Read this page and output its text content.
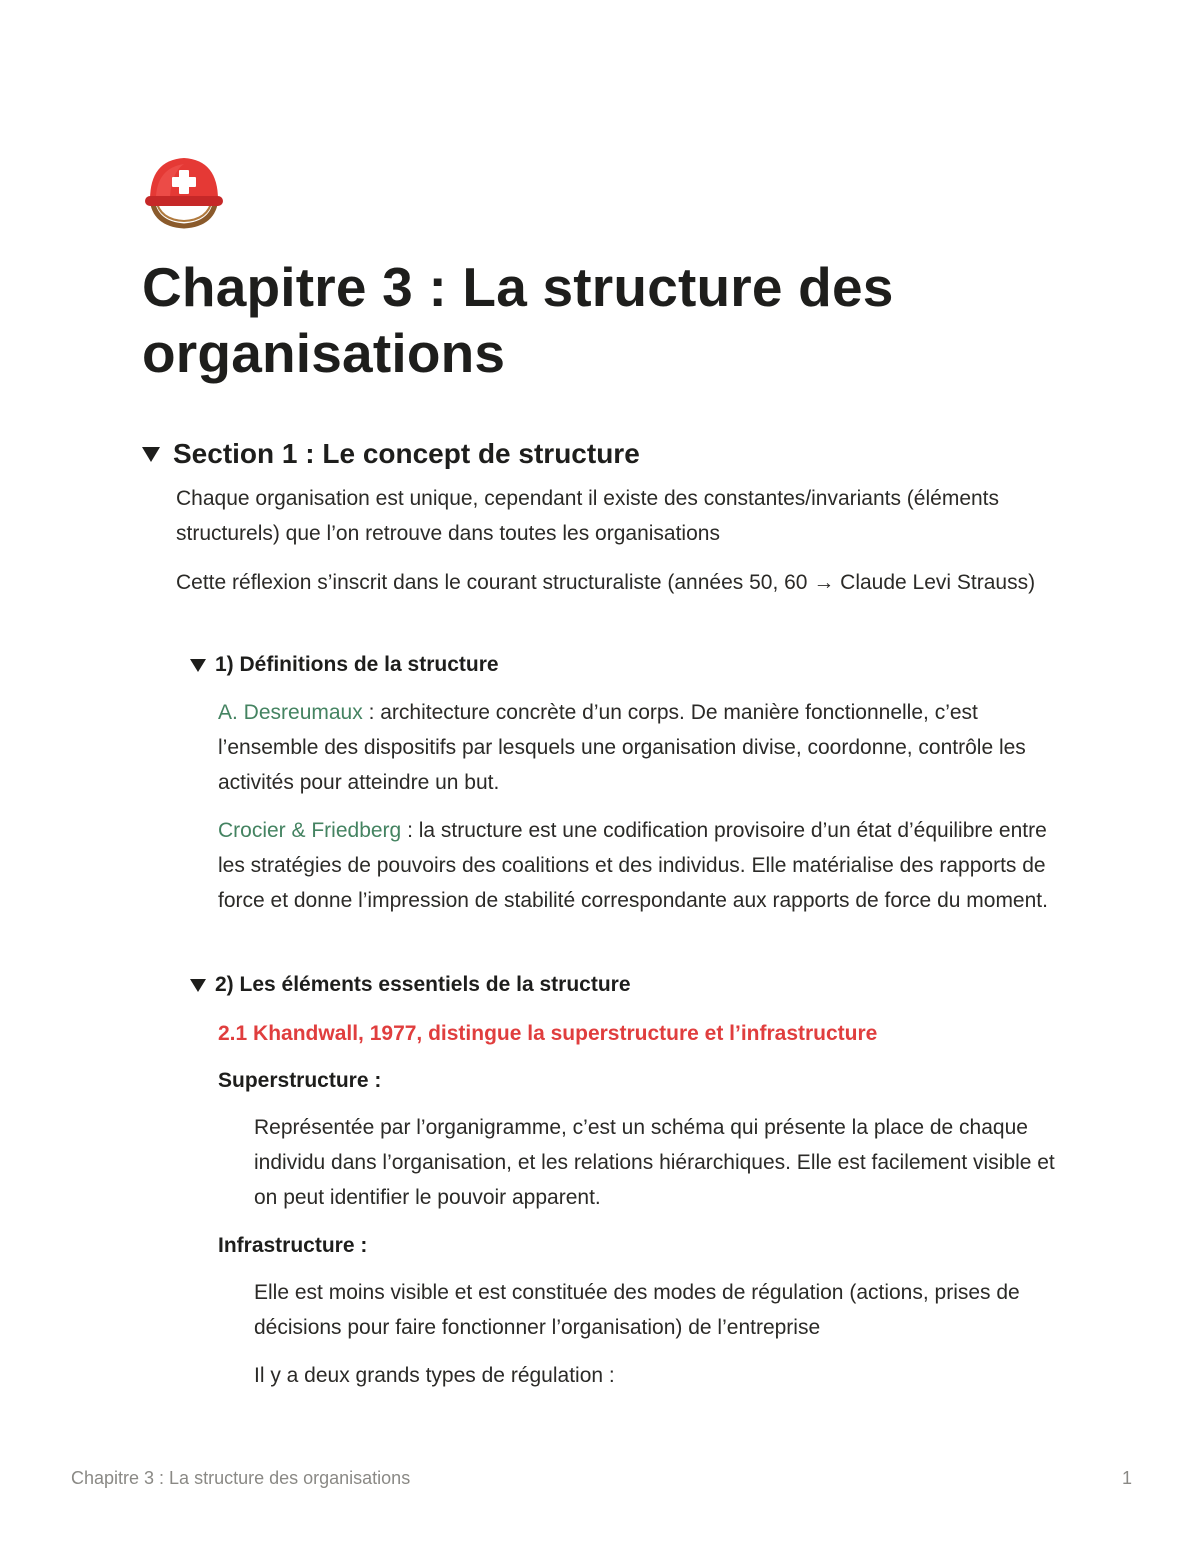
Chapitre 3 : La structure des organisations
Section 1 : Le concept de structure

Chaque organisation est unique, cependant il existe des constantes/invariants (éléments structurels) que l’on retrouve dans toutes les organisations

Cette réflexion s’inscrit dans le courant structuraliste (années 50, 60 → Claude Levi Strauss)

1) Définitions de la structure

A. Desreumaux : architecture concrète d’un corps. De manière fonctionnelle, c’est l’ensemble des dispositifs par lesquels une organisation divise, coordonne, contrôle les activités pour atteindre un but.

Crocier & Friedberg : la structure est une codification provisoire d’un état d’équilibre entre les stratégies de pouvoirs des coalitions et des individus. Elle matérialise des rapports de force et donne l’impression de stabilité correspondante aux rapports de force du moment.

2) Les éléments essentiels de la structure

2.1 Khandwall, 1977, distingue la superstructure et l’infrastructure

Superstructure :

Représentée par l’organigramme, c’est un schéma qui présente la place de chaque individu dans l’organisation, et les relations hiérarchiques. Elle est facilement visible et on peut identifier le pouvoir apparent.

Infrastructure :

Elle est moins visible et est constituée des modes de régulation (actions, prises de décisions pour faire fonctionner l’organisation) de l’entreprise

Il y a deux grands types de régulation :

Chapitre 3 : La structure des organisations	1
